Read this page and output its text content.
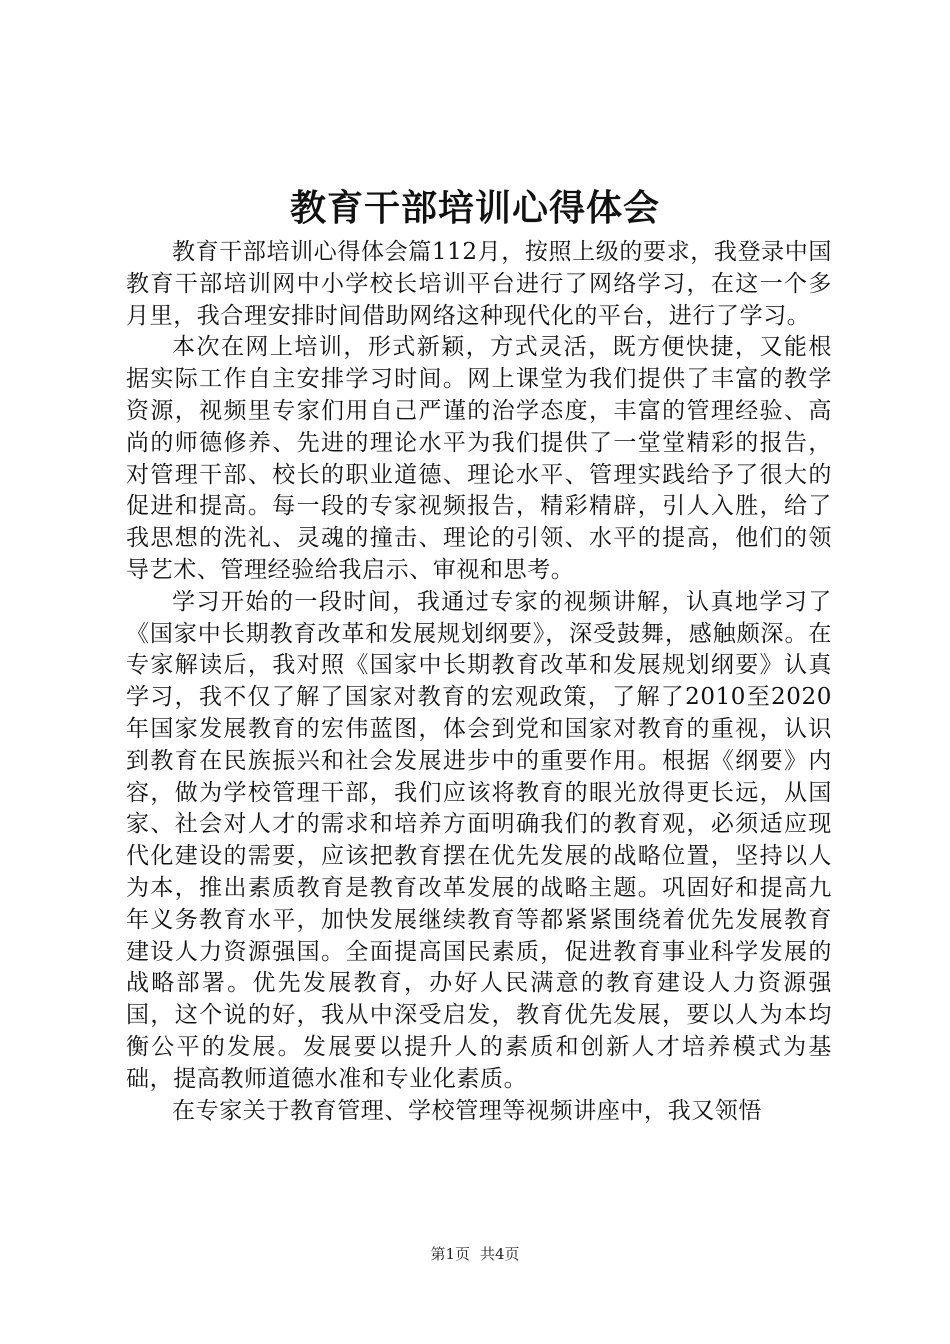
教育干部培训心得体会

教育干部培训心得体会篇112月，按照上级的要求，我登录中国教育干部培训网中小学校长培训平台进行了网络学习，在这一个多月里，我合理安排时间借助网络这种现代化的平台，进行了学习。

本次在网上培训，形式新颖，方式灵活，既方便快捷，又能根据实际工作自主安排学习时间。网上课堂为我们提供了丰富的教学资源，视频里专家们用自己严谨的治学态度，丰富的管理经验、高尚的师德修养、先进的理论水平为我们提供了一堂堂精彩的报告，对管理干部、校长的职业道德、理论水平、管理实践给予了很大的促进和提高。每一段的专家视频报告，精彩精辟，引人入胜，给了我思想的洗礼、灵魂的撞击、理论的引领、水平的提高，他们的领导艺术、管理经验给我启示、审视和思考。

学习开始的一段时间，我通过专家的视频讲解，认真地学习了《国家中长期教育改革和发展规划纲要》，深受鼓舞，感触颇深。在专家解读后，我对照《国家中长期教育改革和发展规划纲要》认真学习，我不仅了解了国家对教育的宏观政策，了解了2010至2020年国家发展教育的宏伟蓝图，体会到党和国家对教育的重视，认识到教育在民族振兴和社会发展进步中的重要作用。根据《纲要》内容，做为学校管理干部，我们应该将教育的眼光放得更长远，从国家、社会对人才的需求和培养方面明确我们的教育观，必须适应现代化建设的需要，应该把教育摆在优先发展的战略位置，坚持以人为本，推出素质教育是教育改革发展的战略主题。巩固好和提高九年义务教育水平，加快发展继续教育等都紧紧围绕着优先发展教育建设人力资源强国。全面提高国民素质，促进教育事业科学发展的战略部署。优先发展教育，办好人民满意的教育建设人力资源强国，这个说的好，我从中深受启发，教育优先发展，要以人为本均衡公平的发展。发展要以提升人的素质和创新人才培养模式为基础，提高教师道德水准和专业化素质。

在专家关于教育管理、学校管理等视频讲座中，我又领悟

第1页 共4页
